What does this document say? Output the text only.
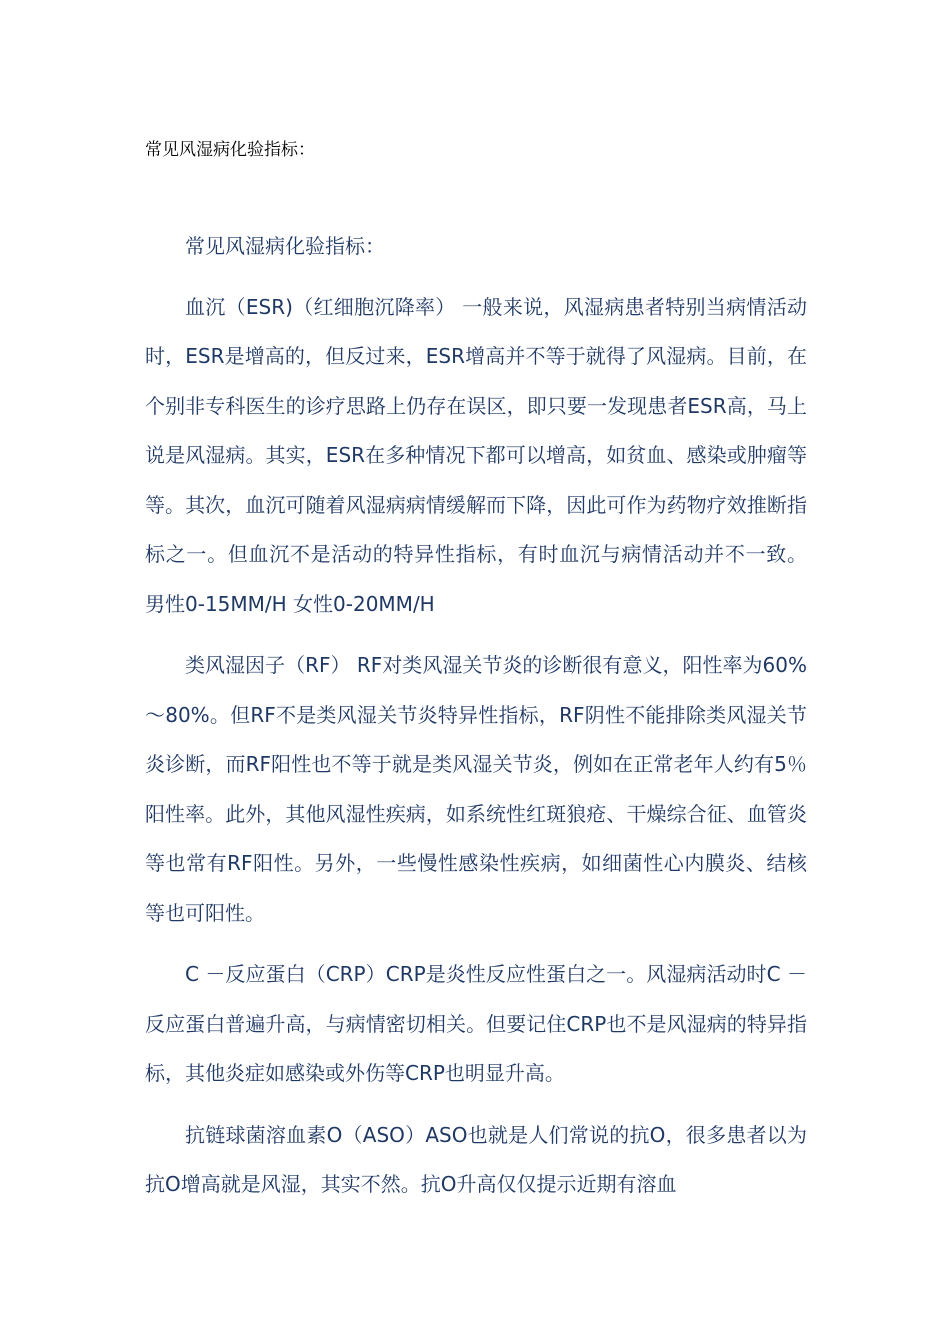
常见风湿病化验指标：

常见风湿病化验指标：

血沉（ESR)（红细胞沉降率） 一般来说，风湿病患者特别当病情活动时，ESR是增高的，但反过来，ESR增高并不等于就得了风湿病。目前，在个别非专科医生的诊疗思路上仍存在误区，即只要一发现患者ESR高，马上说是风湿病。其实，ESR在多种情况下都可以增高，如贫血、感染或肿瘤等等。其次，血沉可随着风湿病病情缓解而下降，因此可作为药物疗效推断指标之一。但血沉不是活动的特异性指标，有时血沉与病情活动并不一致。 男性0-15MM/H 女性0-20MM/H

类风湿因子（RF） RF对类风湿关节炎的诊断很有意义，阳性率为60%～80%。但RF不是类风湿关节炎特异性指标，RF阴性不能排除类风湿关节炎诊断，而RF阳性也不等于就是类风湿关节炎，例如在正常老年人约有5％阳性率。此外，其他风湿性疾病，如系统性红斑狼疮、干燥综合征、血管炎等也常有RF阳性。另外，一些慢性感染性疾病，如细菌性心内膜炎、结核等也可阳性。

C －反应蛋白（CRP）CRP是炎性反应性蛋白之一。风湿病活动时C －反应蛋白普遍升高，与病情密切相关。但要记住CRP也不是风湿病的特异指标，其他炎症如感染或外伤等CRP也明显升高。

抗链球菌溶血素O（ASO）ASO也就是人们常说的抗O，很多患者以为抗O增高就是风湿，其实不然。抗O升高仅仅提示近期有溶血
